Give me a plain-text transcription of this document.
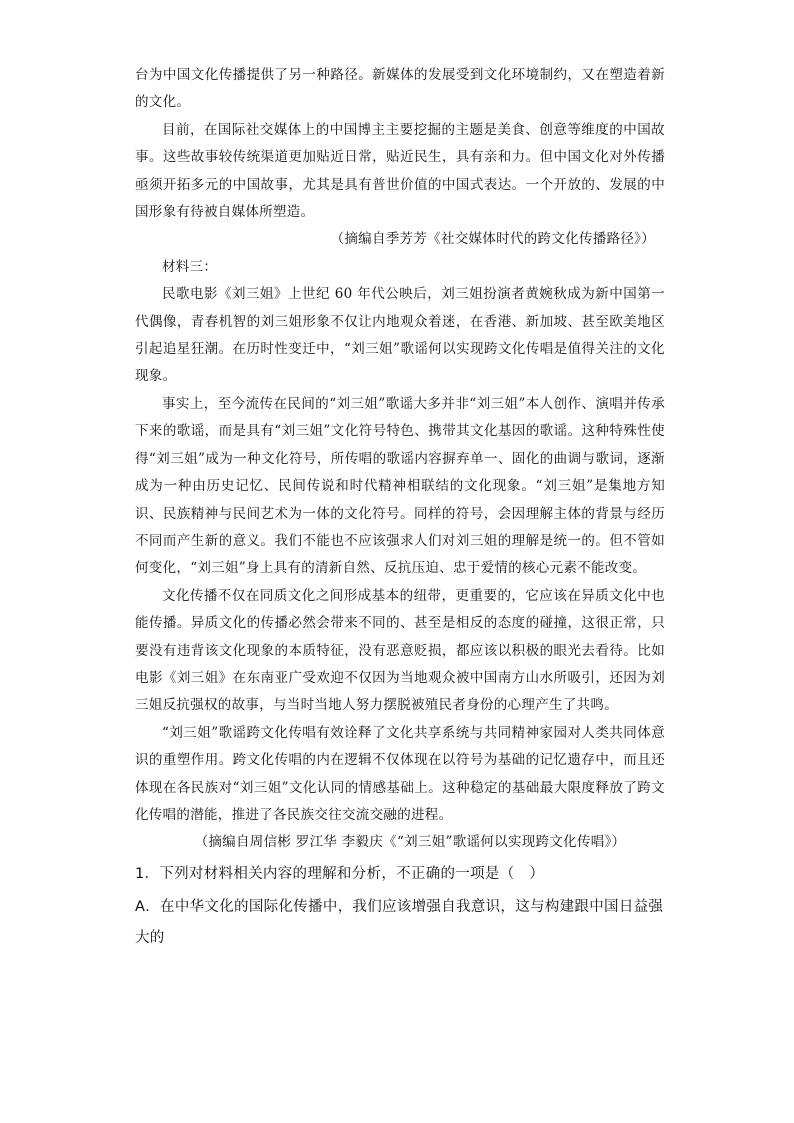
台为中国文化传播提供了另一种路径。新媒体的发展受到文化环境制约，又在塑造着新的文化。

目前，在国际社交媒体上的中国博主主要挖掘的主题是美食、创意等维度的中国故事。这些故事较传统渠道更加贴近日常，贴近民生，具有亲和力。但中国文化对外传播亟须开拓多元的中国故事，尤其是具有普世价值的中国式表达。一个开放的、发展的中国形象有待被自媒体所塑造。

（摘编自季芳芳《社交媒体时代的跨文化传播路径》）

材料三：

民歌电影《刘三姐》上世纪 60 年代公映后，刘三姐扮演者黄婉秋成为新中国第一代偶像，青春机智的刘三姐形象不仅让内地观众着迷，在香港、新加坡、甚至欧美地区引起追星狂潮。在历时性变迁中，“刘三姐”歌谣何以实现跨文化传唱是值得关注的文化现象。

事实上，至今流传在民间的“刘三姐”歌谣大多并非“刘三姐”本人创作、演唱并传承下来的歌谣，而是具有“刘三姐”文化符号特色、携带其文化基因的歌谣。这种特殊性使得“刘三姐”成为一种文化符号，所传唱的歌谣内容摒弃单一、固化的曲调与歌词，逐渐成为一种由历史记忆、民间传说和时代精神相联结的文化现象。“刘三姐”是集地方知识、民族精神与民间艺术为一体的文化符号。同样的符号，会因理解主体的背景与经历不同而产生新的意义。我们不能也不应该强求人们对刘三姐的理解是统一的。但不管如何变化，“刘三姐”身上具有的清新自然、反抗压迫、忠于爱情的核心元素不能改变。

文化传播不仅在同质文化之间形成基本的纽带，更重要的，它应该在异质文化中也能传播。异质文化的传播必然会带来不同的、甚至是相反的态度的碰撞，这很正常，只要没有违背该文化现象的本质特征，没有恶意贬损，都应该以积极的眼光去看待。比如电影《刘三姐》在东南亚广受欢迎不仅因为当地观众被中国南方山水所吸引，还因为刘三姐反抗强权的故事，与当时当地人努力摆脱被殖民者身份的心理产生了共鸣。

“刘三姐”歌谣跨文化传唱有效诠释了文化共享系统与共同精神家园对人类共同体意识的重塑作用。跨文化传唱的内在逻辑不仅体现在以符号为基础的记忆遗存中，而且还体现在各民族对“刘三姐”文化认同的情感基础上。这种稳定的基础最大限度释放了跨文化传唱的潜能，推进了各民族交往交流交融的进程。

（摘编自周信彬 罗江华 李毅庆《“刘三姐”歌谣何以实现跨文化传唱》）

1．下列对材料相关内容的理解和分析，不正确的一项是（　）

A．在中华文化的国际化传播中，我们应该增强自我意识，这与构建跟中国日益强大的
